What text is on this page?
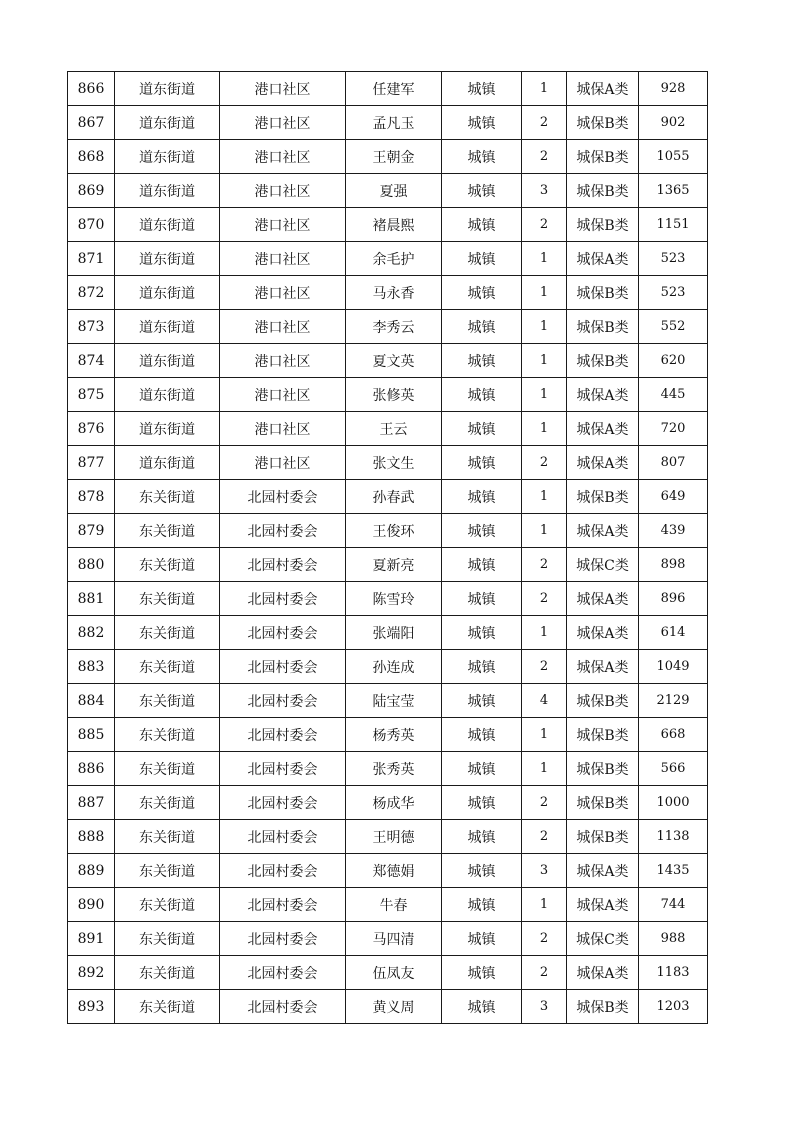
866	道东街道	港口社区	任建军	城镇	1	城保A类	928
867	道东街道	港口社区	孟凡玉	城镇	2	城保B类	902
868	道东街道	港口社区	王朝金	城镇	2	城保B类	1055
869	道东街道	港口社区	夏强	城镇	3	城保B类	1365
870	道东街道	港口社区	褚晨熙	城镇	2	城保B类	1151
871	道东街道	港口社区	余毛护	城镇	1	城保A类	523
872	道东街道	港口社区	马永香	城镇	1	城保B类	523
873	道东街道	港口社区	李秀云	城镇	1	城保B类	552
874	道东街道	港口社区	夏文英	城镇	1	城保B类	620
875	道东街道	港口社区	张修英	城镇	1	城保A类	445
876	道东街道	港口社区	王云	城镇	1	城保A类	720
877	道东街道	港口社区	张文生	城镇	2	城保A类	807
878	东关街道	北园村委会	孙春武	城镇	1	城保B类	649
879	东关街道	北园村委会	王俊环	城镇	1	城保A类	439
880	东关街道	北园村委会	夏新亮	城镇	2	城保C类	898
881	东关街道	北园村委会	陈雪玲	城镇	2	城保A类	896
882	东关街道	北园村委会	张端阳	城镇	1	城保A类	614
883	东关街道	北园村委会	孙连成	城镇	2	城保A类	1049
884	东关街道	北园村委会	陆宝莹	城镇	4	城保B类	2129
885	东关街道	北园村委会	杨秀英	城镇	1	城保B类	668
886	东关街道	北园村委会	张秀英	城镇	1	城保B类	566
887	东关街道	北园村委会	杨成华	城镇	2	城保B类	1000
888	东关街道	北园村委会	王明德	城镇	2	城保B类	1138
889	东关街道	北园村委会	郑德娟	城镇	3	城保A类	1435
890	东关街道	北园村委会	牛春	城镇	1	城保A类	744
891	东关街道	北园村委会	马四清	城镇	2	城保C类	988
892	东关街道	北园村委会	伍凤友	城镇	2	城保A类	1183
893	东关街道	北园村委会	黄义周	城镇	3	城保B类	1203
